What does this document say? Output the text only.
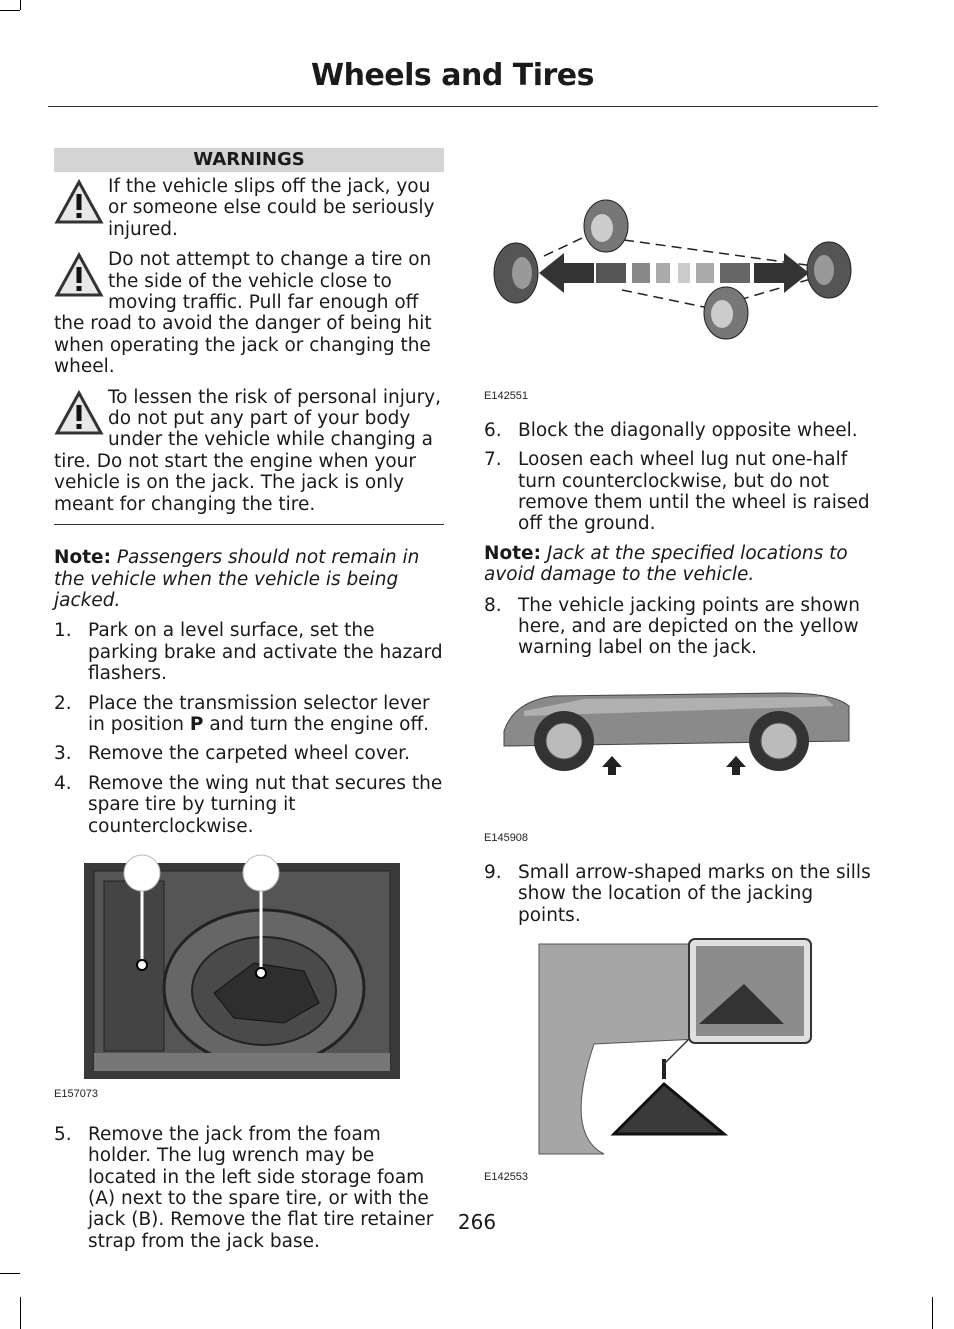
Wheels and Tires
WARNINGS

If the vehicle slips off the jack, you or someone else could be seriously injured.

Do not attempt to change a tire on the side of the vehicle close to moving traffic. Pull far enough off the road to avoid the danger of being hit when operating the jack or changing the wheel.

To lessen the risk of personal injury, do not put any part of your body under the vehicle while changing a tire. Do not start the engine when your vehicle is on the jack. The jack is only meant for changing the tire.

Note: Passengers should not remain in the vehicle when the vehicle is being jacked.

1. Park on a level surface, set the parking brake and activate the hazard flashers.
2. Place the transmission selector lever in position P and turn the engine off.
3. Remove the carpeted wheel cover.
4. Remove the wing nut that secures the spare tire by turning it counterclockwise.
E157073
5. Remove the jack from the foam holder. The lug wrench may be located in the left side storage foam (A) next to the spare tire, or with the jack (B). Remove the flat tire retainer strap from the jack base.
E142551
6. Block the diagonally opposite wheel.
7. Loosen each wheel lug nut one-half turn counterclockwise, but do not remove them until the wheel is raised off the ground.

Note: Jack at the specified locations to avoid damage to the vehicle.

8. The vehicle jacking points are shown here, and are depicted on the yellow warning label on the jack.
E145908
9. Small arrow-shaped marks on the sills show the location of the jacking points.
E142553
266
